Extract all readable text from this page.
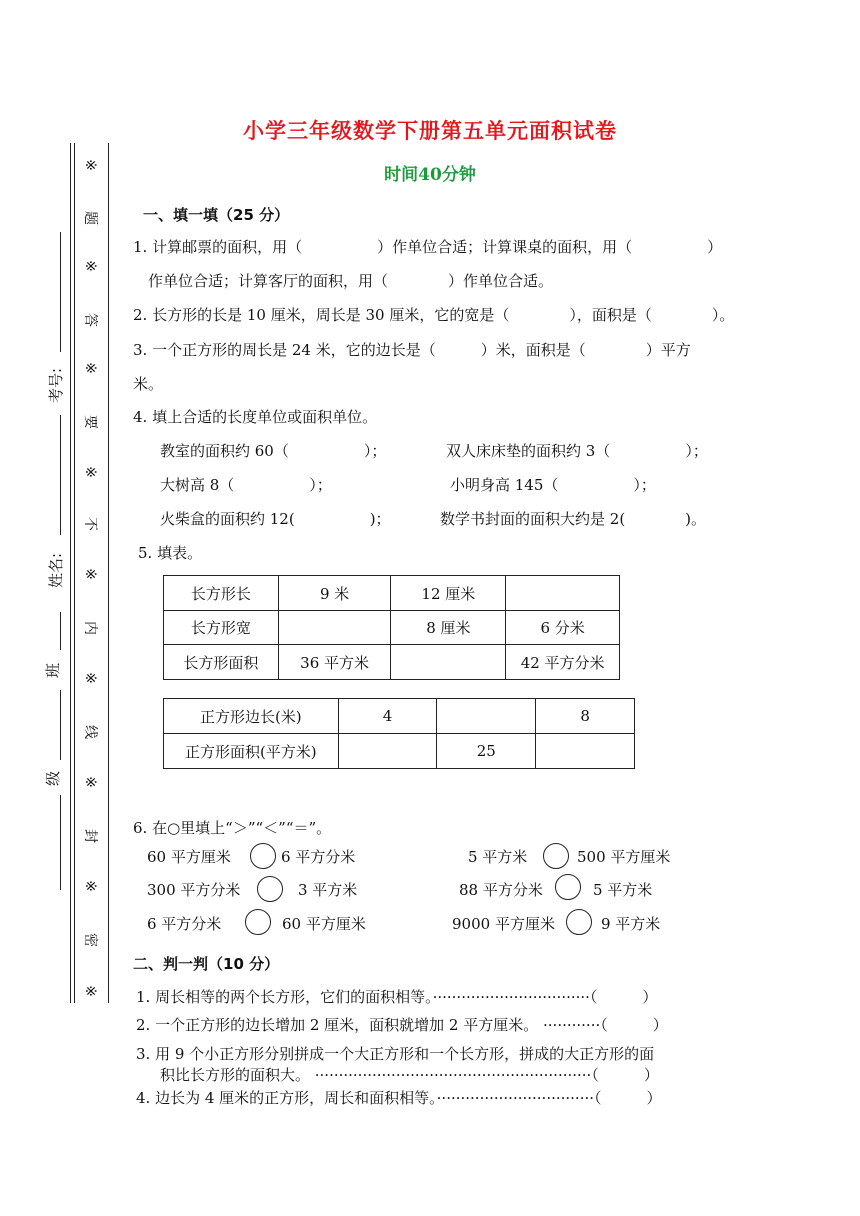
※
题
※
答
※
要
※
不
※
内
※
线
※
封
※
密
※
考号:
姓名:
班
级
小学三年级数学下册第五单元面积试卷
时间40分钟
一、填一填（25 分）
1. 计算邮票的面积，用（　　　　　）作单位合适；计算课桌的面积，用（　　　　　）
作单位合适；计算客厅的面积，用（　　　　）作单位合适。
2. 长方形的长是 10 厘米，周长是 30 厘米，它的宽是（　　　　），面积是（　　　　）。
3. 一个正方形的周长是 24 米，它的边长是（　　　）米，面积是（　　　　）平方
米。
4. 填上合适的长度单位或面积单位。
教室的面积约 60（　　　　　）；	双人床床垫的面积约 3（　　　　　）；
大树高 8（　　　　　）；	小明身高 145（　　　　　）；
火柴盒的面积约 12(　　　　　)；	数学书封面的面积大约是 2(　　　　)。
5. 填表。
长方形长	9 米	12 厘米	
长方形宽		8 厘米	6 分米
长方形面积	36 平方米		42 平方分米
正方形边长(米)	4		8
正方形面积(平方米)		25	
6. 在○里填上“＞”“＜”“＝”。
60 平方厘米	6 平方分米	5 平方米	500 平方厘米
300 平方分米	3 平方米	88 平方分米	5 平方米
6 平方分米	60 平方厘米	9000 平方厘米	9 平方米
二、判一判（10 分）
1. 周长相等的两个长方形，它们的面积相等。·································（　　　）
2. 一个正方形的边长增加 2 厘米，面积就增加 2 平方厘米。 ············（　　　）
3. 用 9 个小正方形分别拼成一个大正方形和一个长方形，拼成的大正方形的面
积比长方形的面积大。 ··························································（　　　）
4. 边长为 4 厘米的正方形，周长和面积相等。·································（　　　）
